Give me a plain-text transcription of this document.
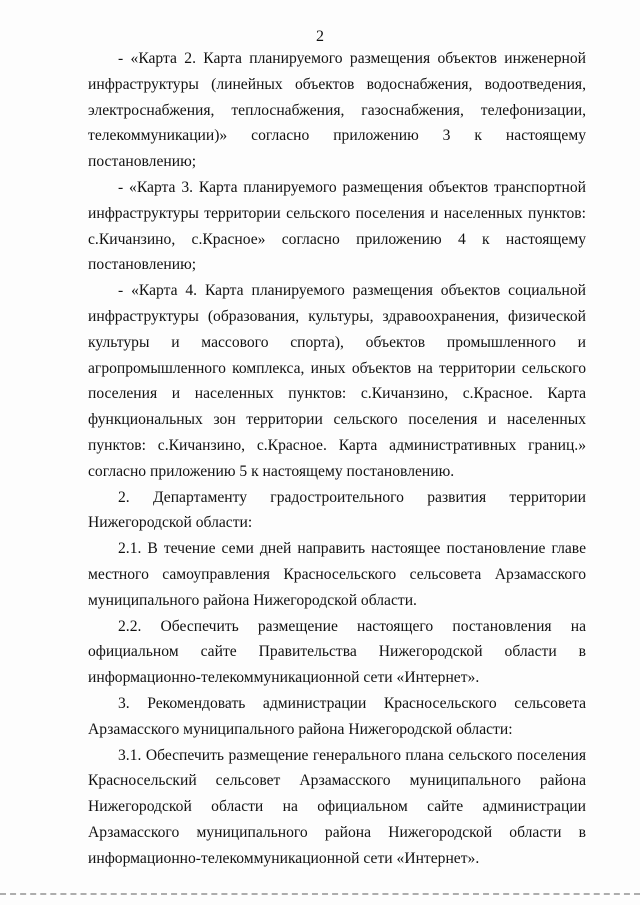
2

- «Карта 2. Карта планируемого размещения объектов инженерной инфраструктуры (линейных объектов водоснабжения, водоотведения, электроснабжения, теплоснабжения, газоснабжения, телефонизации, телекоммуникации)» согласно приложению 3 к настоящему постановлению;

- «Карта 3. Карта планируемого размещения объектов транспортной инфраструктуры территории сельского поселения и населенных пунктов: с.Кичанзино, с.Красное» согласно приложению 4 к настоящему постановлению;

- «Карта 4. Карта планируемого размещения объектов социальной инфраструктуры (образования, культуры, здравоохранения, физической культуры и массового спорта), объектов промышленного и агропромышленного комплекса, иных объектов на территории сельского поселения и населенных пунктов: с.Кичанзино, с.Красное. Карта функциональных зон территории сельского поселения и населенных пунктов: с.Кичанзино, с.Красное. Карта административных границ.» согласно приложению 5 к настоящему постановлению.

2. Департаменту градостроительного развития территории Нижегородской области:

2.1. В течение семи дней направить настоящее постановление главе местного самоуправления Красносельского сельсовета Арзамасского муниципального района Нижегородской области.

2.2. Обеспечить размещение настоящего постановления на официальном сайте Правительства Нижегородской области в информационно-телекоммуникационной сети «Интернет».

3. Рекомендовать администрации Красносельского сельсовета Арзамасского муниципального района Нижегородской области:

3.1. Обеспечить размещение генерального плана сельского поселения Красносельский сельсовет Арзамасского муниципального района Нижегородской области на официальном сайте администрации Арзамасского муниципального района Нижегородской области в информационно-телекоммуникационной сети «Интернет».
